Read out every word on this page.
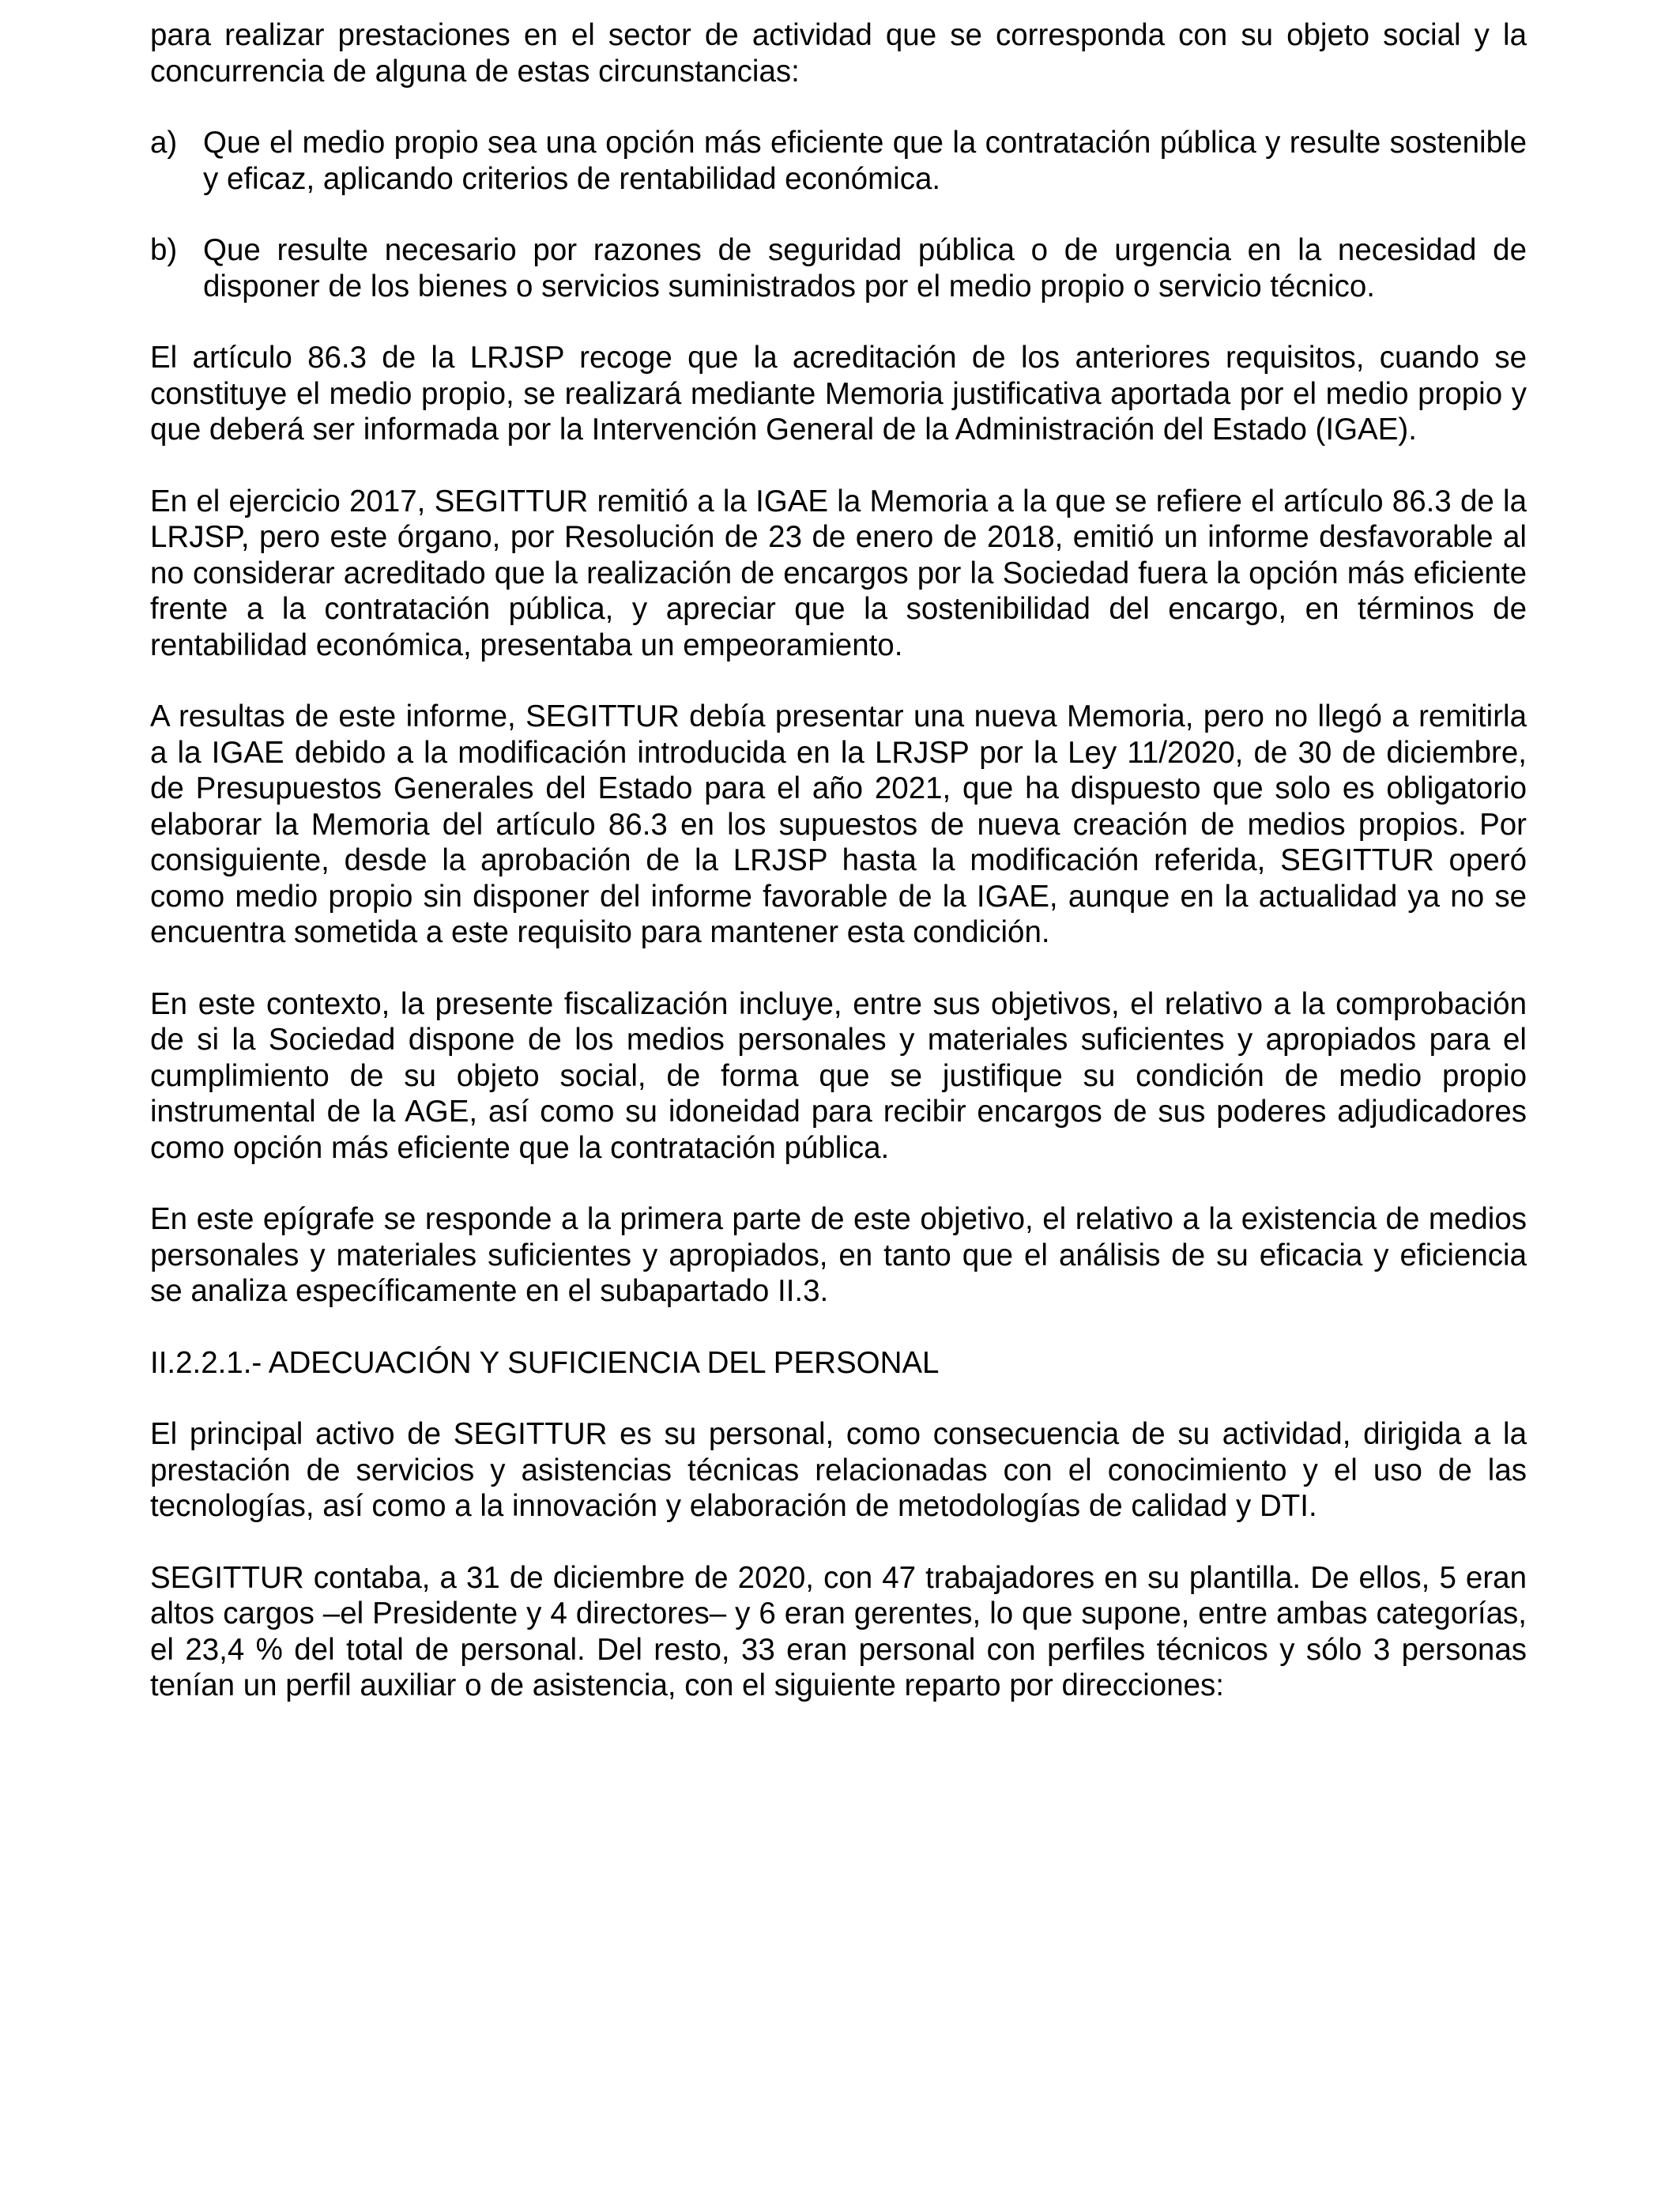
para realizar prestaciones en el sector de actividad que se corresponda con su objeto social y la concurrencia de alguna de estas circunstancias:

a) Que el medio propio sea una opción más eficiente que la contratación pública y resulte sostenible y eficaz, aplicando criterios de rentabilidad económica.
b) Que resulte necesario por razones de seguridad pública o de urgencia en la necesidad de disponer de los bienes o servicios suministrados por el medio propio o servicio técnico.

El artículo 86.3 de la LRJSP recoge que la acreditación de los anteriores requisitos, cuando se constituye el medio propio, se realizará mediante Memoria justificativa aportada por el medio propio y que deberá ser informada por la Intervención General de la Administración del Estado (IGAE).

En el ejercicio 2017, SEGITTUR remitió a la IGAE la Memoria a la que se refiere el artículo 86.3 de la LRJSP, pero este órgano, por Resolución de 23 de enero de 2018, emitió un informe desfavorable al no considerar acreditado que la realización de encargos por la Sociedad fuera la opción más eficiente frente a la contratación pública, y apreciar que la sostenibilidad del encargo, en términos de rentabilidad económica, presentaba un empeoramiento.

A resultas de este informe, SEGITTUR debía presentar una nueva Memoria, pero no llegó a remitirla a la IGAE debido a la modificación introducida en la LRJSP por la Ley 11/2020, de 30 de diciembre, de Presupuestos Generales del Estado para el año 2021, que ha dispuesto que solo es obligatorio elaborar la Memoria del artículo 86.3 en los supuestos de nueva creación de medios propios. Por consiguiente, desde la aprobación de la LRJSP hasta la modificación referida, SEGITTUR operó como medio propio sin disponer del informe favorable de la IGAE, aunque en la actualidad ya no se encuentra sometida a este requisito para mantener esta condición.

En este contexto, la presente fiscalización incluye, entre sus objetivos, el relativo a la comprobación de si la Sociedad dispone de los medios personales y materiales suficientes y apropiados para el cumplimiento de su objeto social, de forma que se justifique su condición de medio propio instrumental de la AGE, así como su idoneidad para recibir encargos de sus poderes adjudicadores como opción más eficiente que la contratación pública.

En este epígrafe se responde a la primera parte de este objetivo, el relativo a la existencia de medios personales y materiales suficientes y apropiados, en tanto que el análisis de su eficacia y eficiencia se analiza específicamente en el subapartado II.3.

II.2.2.1.- ADECUACIÓN Y SUFICIENCIA DEL PERSONAL

El principal activo de SEGITTUR es su personal, como consecuencia de su actividad, dirigida a la prestación de servicios y asistencias técnicas relacionadas con el conocimiento y el uso de las tecnologías, así como a la innovación y elaboración de metodologías de calidad y DTI.

SEGITTUR contaba, a 31 de diciembre de 2020, con 47 trabajadores en su plantilla. De ellos, 5 eran altos cargos –el Presidente y 4 directores– y 6 eran gerentes, lo que supone, entre ambas categorías, el 23,4 % del total de personal. Del resto, 33 eran personal con perfiles técnicos y sólo 3 personas tenían un perfil auxiliar o de asistencia, con el siguiente reparto por direcciones:
